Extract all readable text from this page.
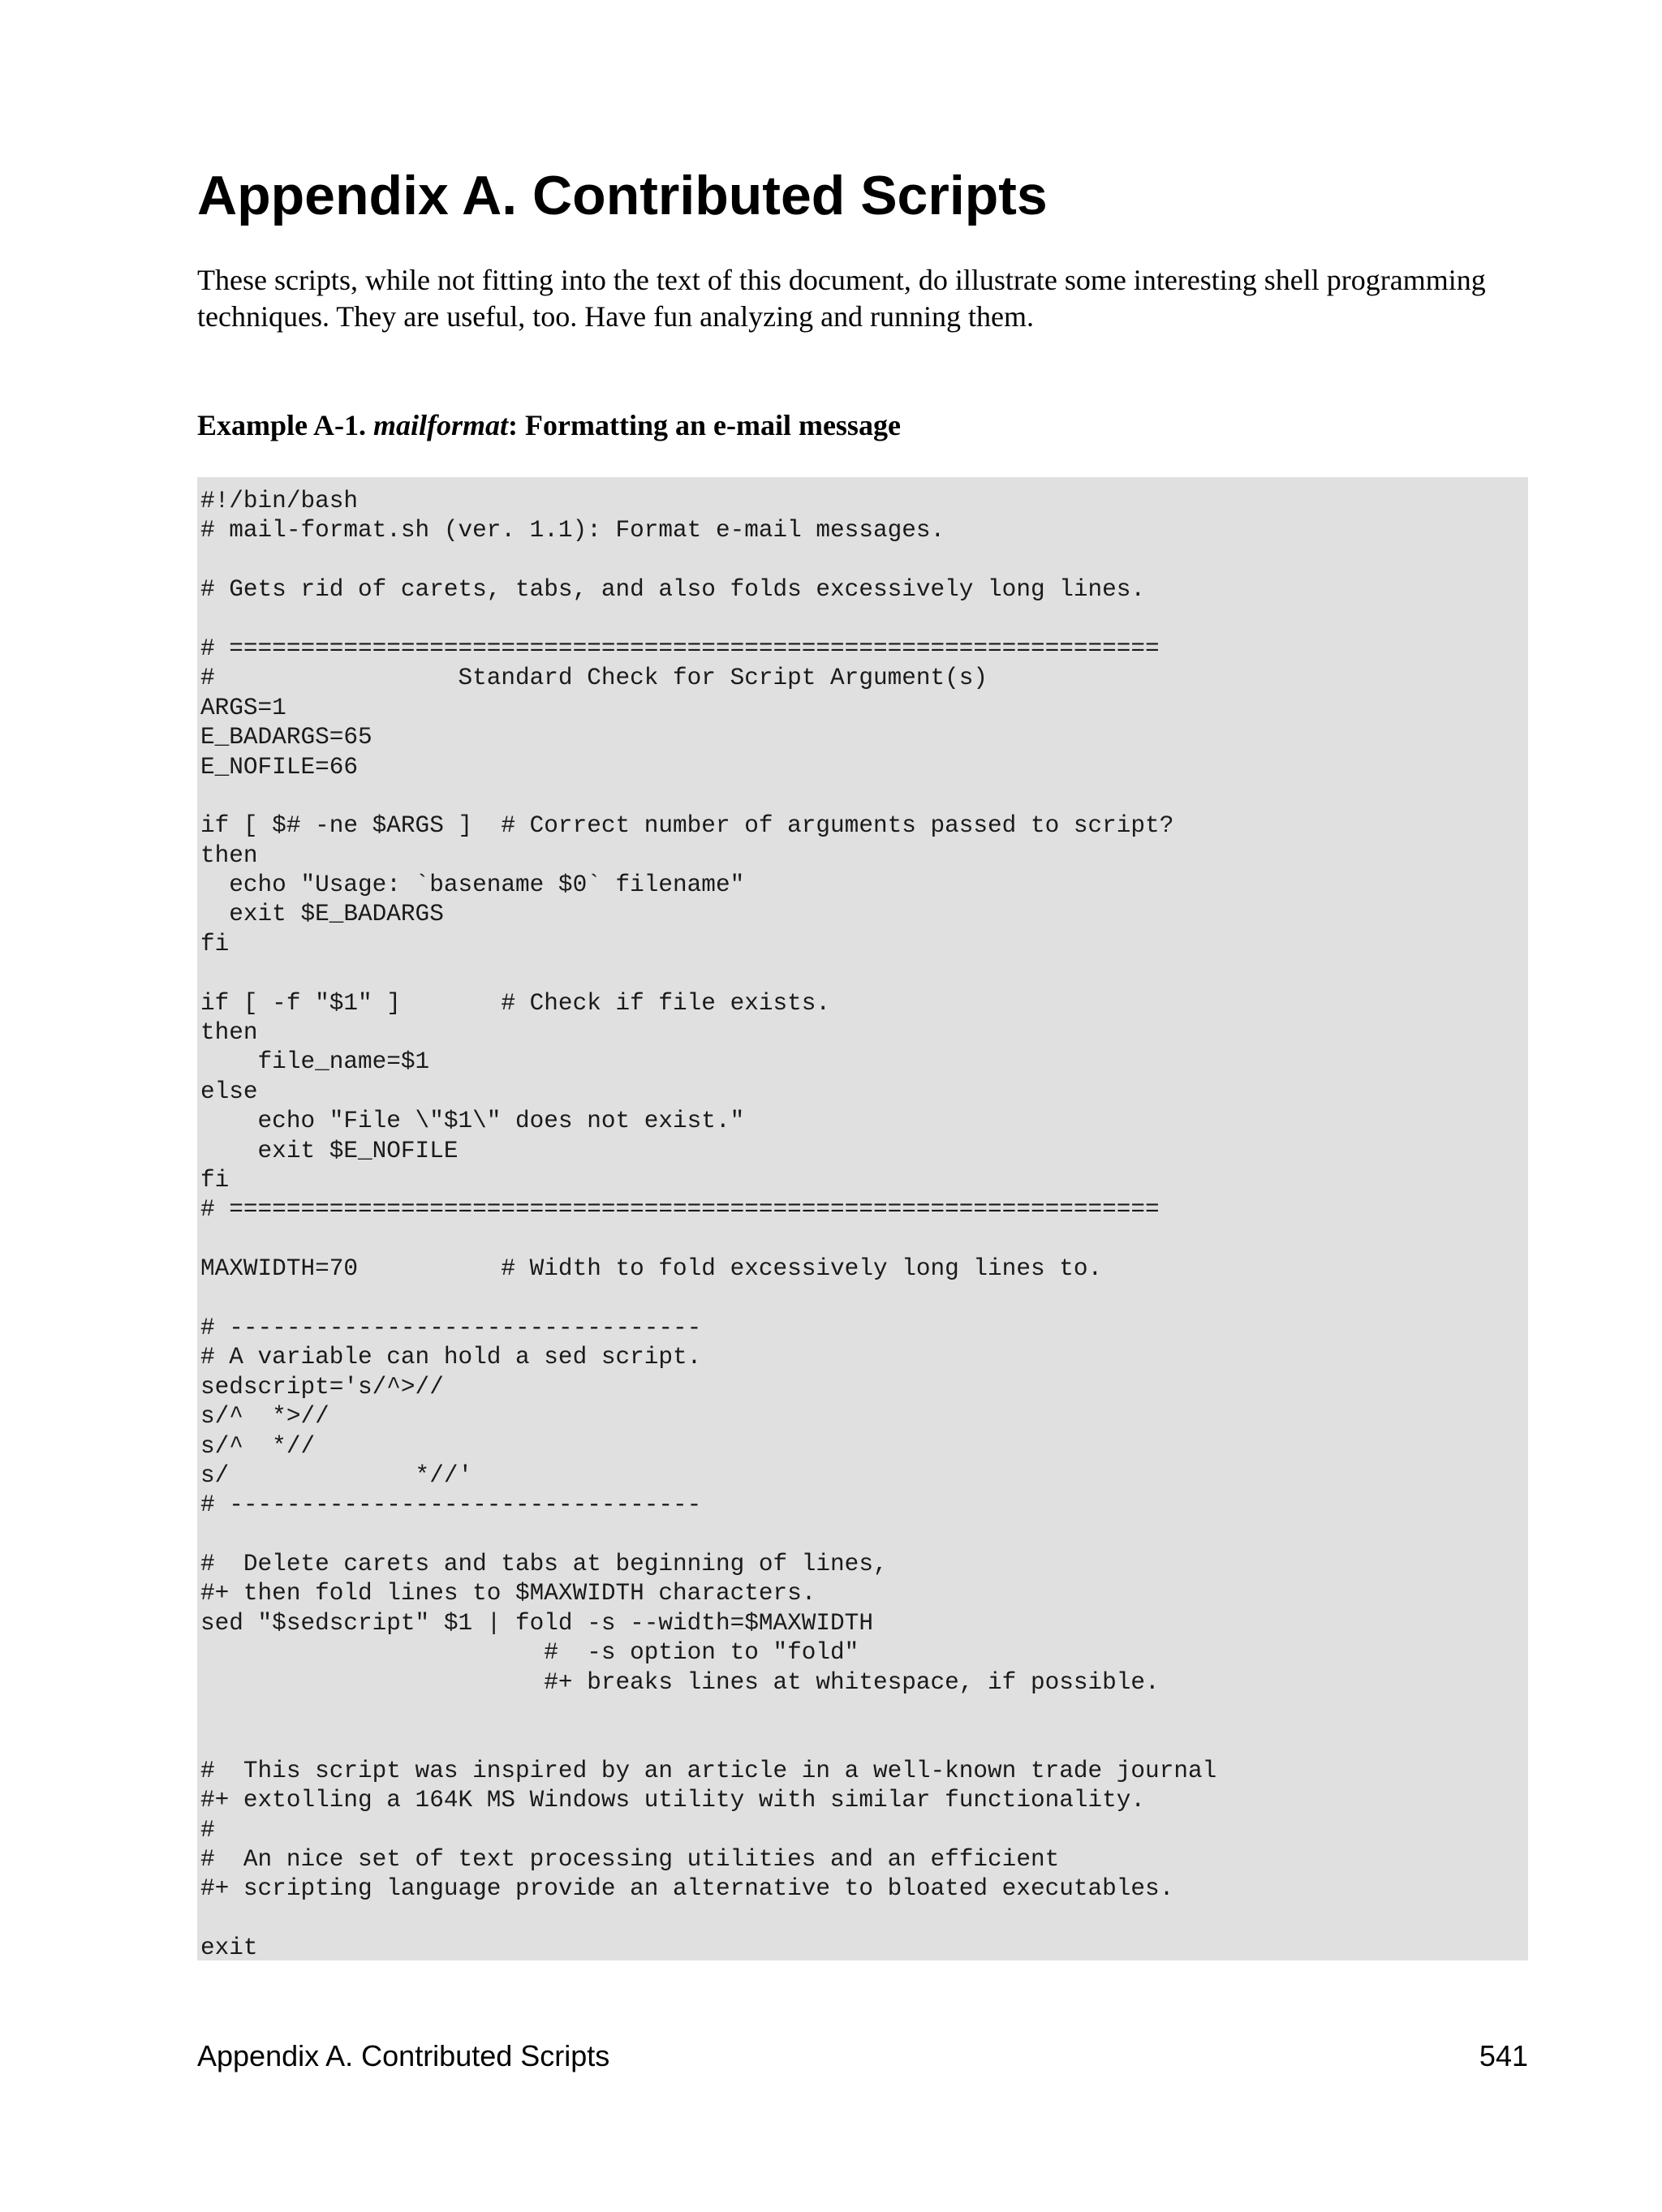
Appendix A. Contributed Scripts

These scripts, while not fitting into the text of this document, do illustrate some interesting shell programming techniques. They are useful, too. Have fun analyzing and running them.

Example A-1. mailformat: Formatting an e-mail message
#!/bin/bash
# mail-format.sh (ver. 1.1): Format e-mail messages.
# Gets rid of carets, tabs, and also folds excessively long lines.
# =================================================================
#                 Standard Check for Script Argument(s)
ARGS=1
E_BADARGS=65
E_NOFILE=66
if [ $# -ne $ARGS ]  # Correct number of arguments passed to script?
then
echo "Usage: `basename $0` filename"
exit $E_BADARGS
fi
if [ -f "$1" ]       # Check if file exists.
then
file_name=$1
else
echo "File \"$1\" does not exist."
exit $E_NOFILE
fi
# =================================================================
MAXWIDTH=70          # Width to fold excessively long lines to.
# ---------------------------------
# A variable can hold a sed script.
sedscript='s/^>//
s/^  *>//
s/^  *//
s/             *//'
# ---------------------------------
#  Delete carets and tabs at beginning of lines,
#+ then fold lines to $MAXWIDTH characters.
sed "$sedscript" $1 | fold -s --width=$MAXWIDTH
#  -s option to "fold"
#+ breaks lines at whitespace, if possible.
#  This script was inspired by an article in a well-known trade journal
#+ extolling a 164K MS Windows utility with similar functionality.
#
#  An nice set of text processing utilities and an efficient
#+ scripting language provide an alternative to bloated executables.
exit
Appendix A. Contributed Scripts	541
